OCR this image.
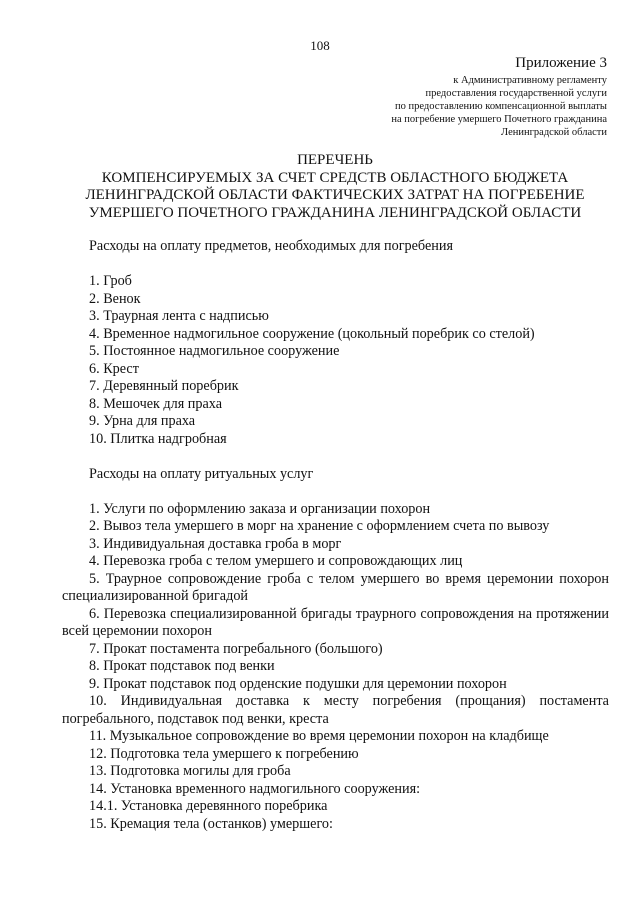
108
Приложение 3
к Административному регламенту
предоставления государственной услуги
по предоставлению компенсационной выплаты
на погребение умершего Почетного гражданина
Ленинградской области
ПЕРЕЧЕНЬ
КОМПЕНСИРУЕМЫХ ЗА СЧЕТ СРЕДСТВ ОБЛАСТНОГО БЮДЖЕТА
ЛЕНИНГРАДСКОЙ ОБЛАСТИ ФАКТИЧЕСКИХ ЗАТРАТ НА ПОГРЕБЕНИЕ
УМЕРШЕГО ПОЧЕТНОГО ГРАЖДАНИНА ЛЕНИНГРАДСКОЙ ОБЛАСТИ

Расходы на оплату предметов, необходимых для погребения

1. Гроб
2. Венок
3. Траурная лента с надписью
4. Временное надмогильное сооружение (цокольный поребрик со стелой)
5. Постоянное надмогильное сооружение
6. Крест
7. Деревянный поребрик
8. Мешочек для праха
9. Урна для праха
10. Плитка надгробная

Расходы на оплату ритуальных услуг

1. Услуги по оформлению заказа и организации похорон
2. Вывоз тела умершего в морг на хранение с оформлением счета по вывозу
3. Индивидуальная доставка гроба в морг
4. Перевозка гроба с телом умершего и сопровождающих лиц
5. Траурное сопровождение гроба с телом умершего во время церемонии похорон специализированной бригадой
6. Перевозка специализированной бригады траурного сопровождения на протяжении всей церемонии похорон
7. Прокат постамента погребального (большого)
8. Прокат подставок под венки
9. Прокат подставок под орденские подушки для церемонии похорон
10. Индивидуальная доставка к месту погребения (прощания) постамента погребального, подставок под венки, креста
11. Музыкальное сопровождение во время церемонии похорон на кладбище
12. Подготовка тела умершего к погребению
13. Подготовка могилы для гроба
14. Установка временного надмогильного сооружения:
14.1. Установка деревянного поребрика
15. Кремация тела (останков) умершего:
